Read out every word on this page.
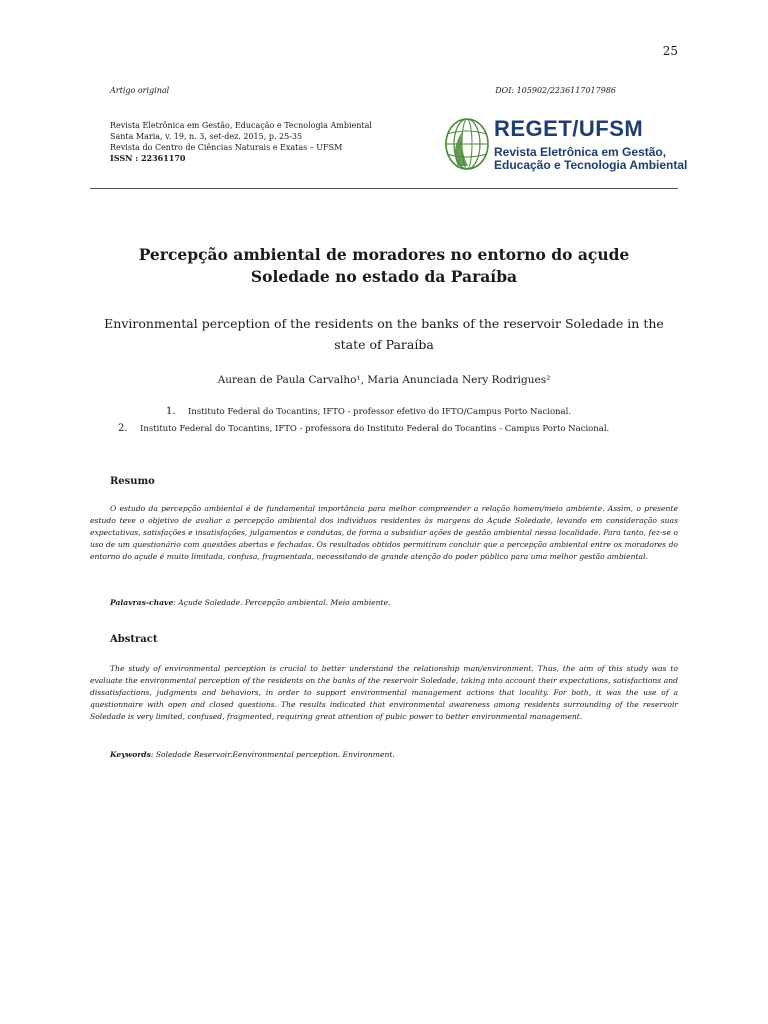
25
Artigo original	DOI: 105902/2236117017986
Revista Eletrônica em Gestão, Educação e Tecnologia Ambiental
Santa Maria, v. 19, n. 3, set-dez. 2015, p. 25-35
Revista do Centro de Ciências Naturais e Exatas – UFSM
ISSN : 22361170
REGET/UFSM
Revista Eletrônica em Gestão,
Educação e Tecnologia Ambiental
Percepção ambiental de moradores no entorno do açude Soledade no estado da Paraíba
Environmental perception of the residents on the banks of the reservoir Soledade in the state of Paraíba
Aurean de Paula Carvalho¹, Maria Anunciada Nery Rodrigues²
1. Instituto Federal do Tocantins, IFTO - professor efetivo do IFTO/Campus Porto Nacional.
2. Instituto Federal do Tocantins, IFTO - professora do Instituto Federal do Tocantins - Campus Porto Nacional.
Resumo
O estudo da percepção ambiental é de fundamental importância para melhor compreender a relação homem/meio ambiente. Assim, o presente estudo teve o objetivo de avaliar a percepção ambiental dos indivíduos residentes às margens do Açude Soledade, levando em consideração suas expectativas, satisfações e insatisfações, julgamentos e condutas, de forma a subsidiar ações de gestão ambiental nessa localidade. Para tanto, fez-se o uso de um questionário com questões abertas e fechadas. Os resultados obtidos permitiram concluir que a percepção ambiental entre os moradores do entorno do açude é muito limitada, confusa, fragmentada, necessitando de grande atenção do poder público para uma melhor gestão ambiental.
Palavras-chave: Açude Soledade. Percepção ambiental. Meio ambiente.
Abstract
The study of environmental perception is crucial to better understand the relationship man/environment. Thus, the aim of this study was to evaluate the environmental perception of the residents on the banks of the reservoir Soledade, taking into account their expectations, satisfactions and dissatisfactions, judgments and behaviors, in order to support environmental management actions that locality. For both, it was the use of a questionnaire with open and closed questions. The results indicated that environmental awareness among residents surrounding of the reservoir Soledade is very limited, confused, fragmented, requiring great attention of pubic power to better environmental management.
Keywords: Soledade Reservoir.Eenvironmental perception. Environment.
